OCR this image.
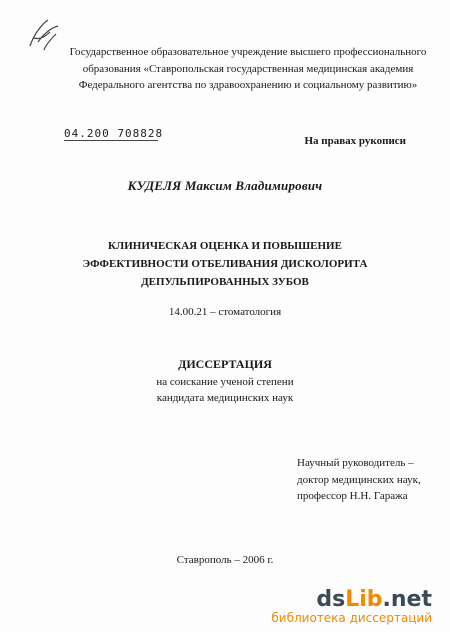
Государственное образовательное учреждение высшего профессионального
образования «Ставропольская государственная медицинская академия
Федерального агентства по здравоохранению и социальному развитию»
04.200 708828
На правах рукописи
КУДЕЛЯ Максим Владимирович
КЛИНИЧЕСКАЯ ОЦЕНКА И ПОВЫШЕНИЕ
ЭФФЕКТИВНОСТИ ОТБЕЛИВАНИЯ ДИСКОЛОРИТА
ДЕПУЛЬПИРОВАННЫХ ЗУБОВ
14.00.21 – стоматология
ДИССЕРТАЦИЯ
на соискание ученой степени
кандидата медицинских наук
Научный руководитель –
доктор медицинских наук,
профессор Н.Н. Гаража
Ставрополь – 2006 г.
dsLib.net
библиотека диссертаций
